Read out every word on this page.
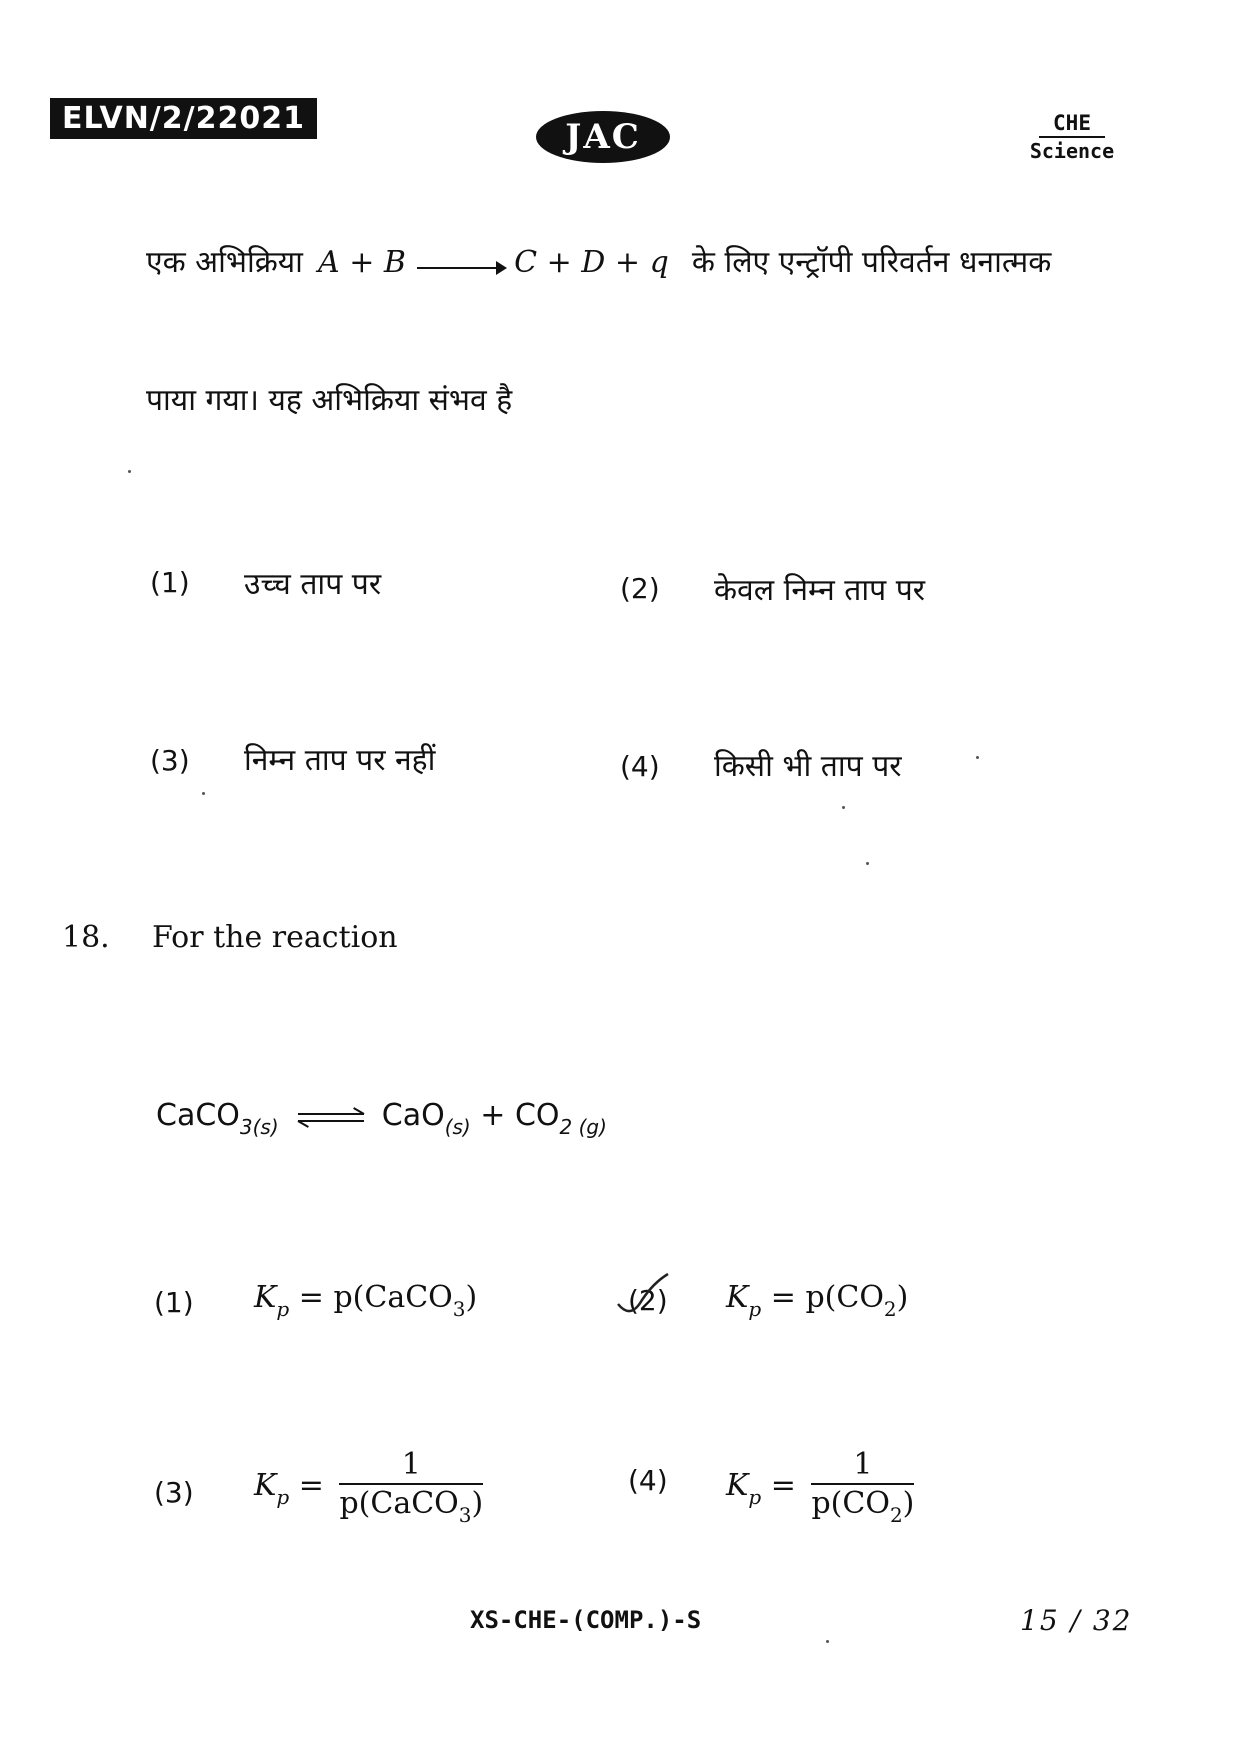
ELVN/2/22021	JAC	CHE
Science
एक अभिक्रिया A + B	C + D + q के लिए एन्ट्रॉपी परिवर्तन धनात्मक
पाया गया। यह अभिक्रिया संभव है
(1) उच्च ताप पर	(2) केवल निम्न ताप पर
(3) निम्न ताप पर नहीं	(4) किसी भी ताप पर
18. For the reaction
CaCO$_{3(s)}$ ⇌ $CaO_{(s)} + CO_{2 (g)}$
(1) $K_p$ = p(CaCO$_3$)	(2) $K_p = p(CO_2)$
(3) $K_p = \frac{1}{p(CaCO_3)}$	(4) $K_p = \frac{1}{p(CO_2)}$
XS-CHE-(COMP.)-S	15 / 32
